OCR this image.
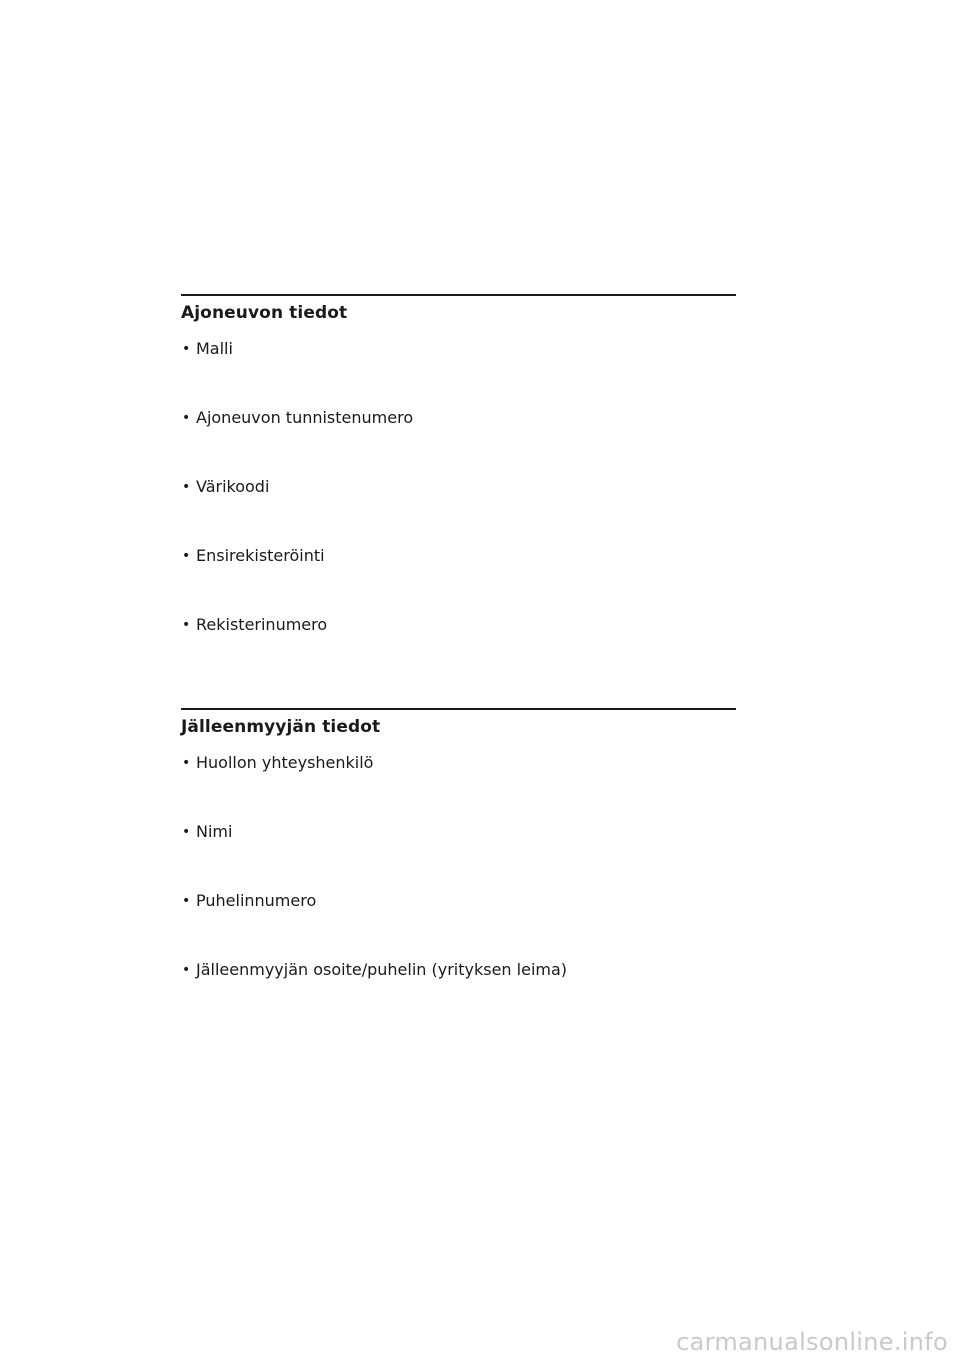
Ajoneuvon tiedot
• Malli
• Ajoneuvon tunnistenumero
• Värikoodi
• Ensirekisteröinti
• Rekisterinumero
Jälleenmyyjän tiedot
• Huollon yhteyshenkilö
• Nimi
• Puhelinnumero
• Jälleenmyyjän osoite/puhelin (yrityksen leima)
carmanualsonline.info
